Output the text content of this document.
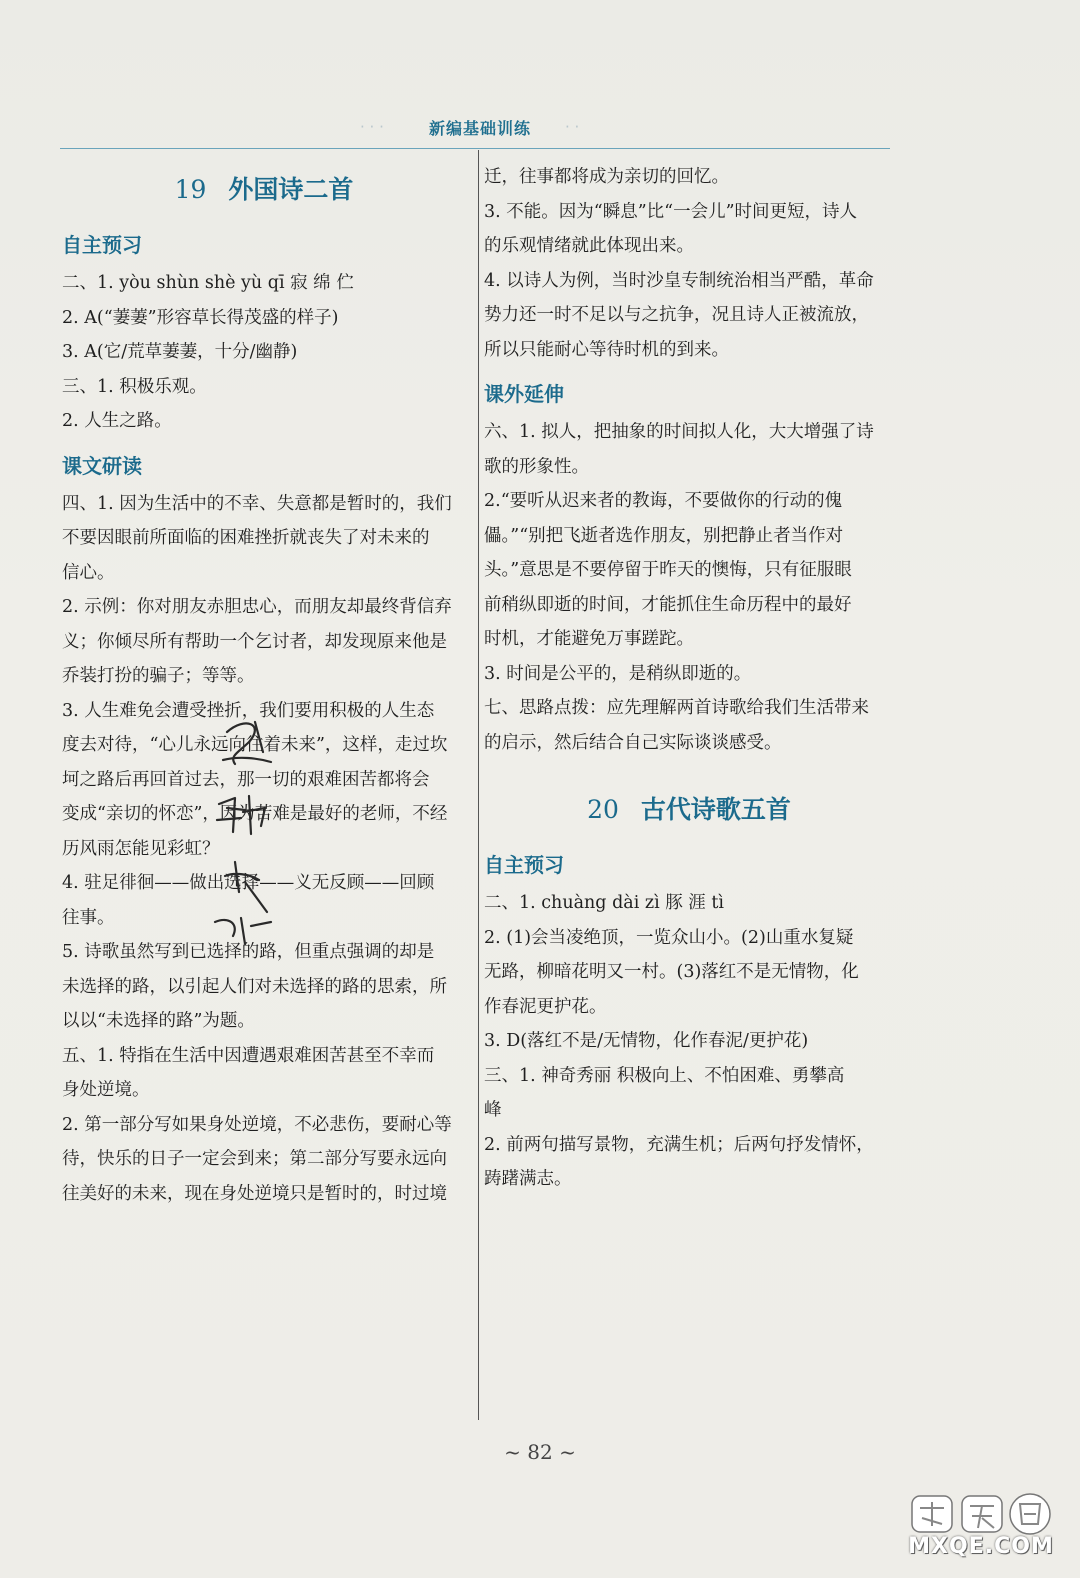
· · ·	新编基础训练	· ·
19 外国诗二首
自主预习
二、1. yòu shùn shè yù qī 寂 绵 伫
2. A(“萋萋”形容草长得茂盛的样子)
3. A(它/荒草萋萋，十分/幽静)
三、1. 积极乐观。
2. 人生之路。
课文研读
四、1. 因为生活中的不幸、失意都是暂时的，我们
不要因眼前所面临的困难挫折就丧失了对未来的
信心。
2. 示例：你对朋友赤胆忠心，而朋友却最终背信弃
义；你倾尽所有帮助一个乞讨者，却发现原来他是
乔装打扮的骗子；等等。
3. 人生难免会遭受挫折，我们要用积极的人生态
度去对待，“心儿永远向往着未来”，这样，走过坎
坷之路后再回首过去，那一切的艰难困苦都将会
变成“亲切的怀恋”，因为苦难是最好的老师，不经
历风雨怎能见彩虹？
4. 驻足徘徊——做出选择——义无反顾——回顾
往事。
5. 诗歌虽然写到已选择的路，但重点强调的却是
未选择的路，以引起人们对未选择的路的思索，所
以以“未选择的路”为题。
五、1. 特指在生活中因遭遇艰难困苦甚至不幸而
身处逆境。
2. 第一部分写如果身处逆境，不必悲伤，要耐心等
待，快乐的日子一定会到来；第二部分写要永远向
往美好的未来，现在身处逆境只是暂时的，时过境
迁，往事都将成为亲切的回忆。
3. 不能。因为“瞬息”比“一会儿”时间更短，诗人
的乐观情绪就此体现出来。
4. 以诗人为例，当时沙皇专制统治相当严酷，革命
势力还一时不足以与之抗争，况且诗人正被流放，
所以只能耐心等待时机的到来。
课外延伸
六、1. 拟人，把抽象的时间拟人化，大大增强了诗
歌的形象性。
2.“要听从迟来者的教诲，不要做你的行动的傀
儡。”“别把飞逝者选作朋友，别把静止者当作对
头。”意思是不要停留于昨天的懊悔，只有征服眼
前稍纵即逝的时间，才能抓住生命历程中的最好
时机，才能避免万事蹉跎。
3. 时间是公平的，是稍纵即逝的。
七、思路点拨：应先理解两首诗歌给我们生活带来
的启示，然后结合自己实际谈谈感受。
20 古代诗歌五首
自主预习
二、1. chuàng dài zì 豚 涯 tì
2. (1)会当凌绝顶，一览众山小。(2)山重水复疑
无路，柳暗花明又一村。(3)落红不是无情物，化
作春泥更护花。
3. D(落红不是/无情物，化作春泥/更护花)
三、1. 神奇秀丽 积极向上、不怕困难、勇攀高
峰
2. 前两句描写景物，充满生机；后两句抒发情怀，
踌躇满志。
~ 82 ~
MXQE.COM
